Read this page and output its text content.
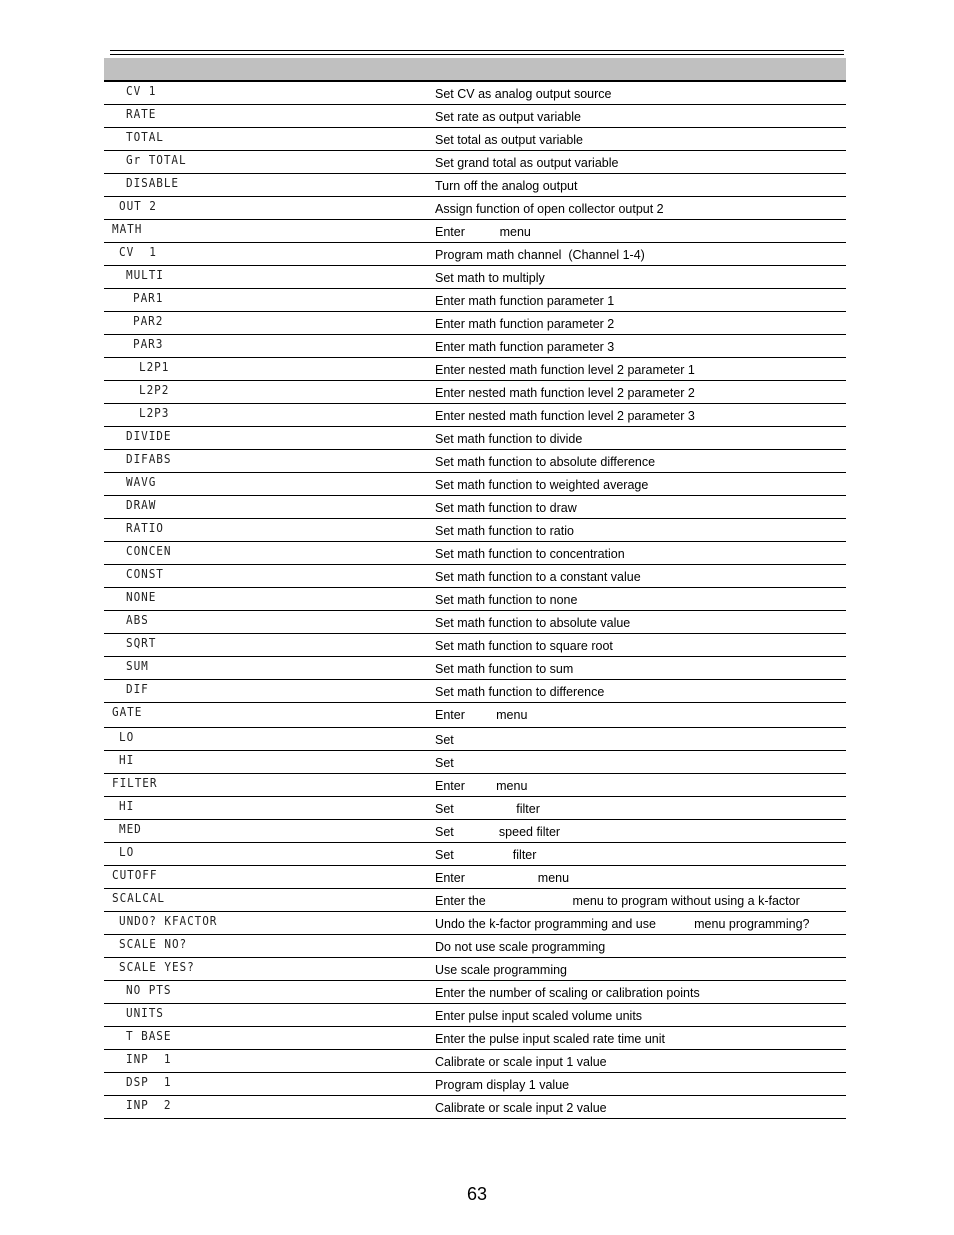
CV 1	Set CV as analog output source
RATE	Set rate as output variable
TOTAL	Set total as output variable
Gr TOTAL	Set grand total as output variable
DISABLE	Turn off the analog output
OUT 2	Assign function of open collector output 2
MATH	Enter          menu
CV  1	Program math channel  (Channel 1-4)
MULTI	Set math to multiply
PAR1	Enter math function parameter 1
PAR2	Enter math function parameter 2
PAR3	Enter math function parameter 3
L2P1	Enter nested math function level 2 parameter 1
L2P2	Enter nested math function level 2 parameter 2
L2P3	Enter nested math function level 2 parameter 3
DIVIDE	Set math function to divide
DIFABS	Set math function to absolute difference
WAVG	Set math function to weighted average
DRAW	Set math function to draw
RATIO	Set math function to ratio
CONCEN	Set math function to concentration
CONST	Set math function to a constant value
NONE	Set math function to none
ABS	Set math function to absolute value
SQRT	Set math function to square root
SUM	Set math function to sum
DIF	Set math function to difference
GATE	Enter         menu
LO	Set
HI	Set
FILTER	Enter         menu
HI	Set                  filter
MED	Set             speed filter
LO	Set                 filter
CUTOFF	Enter                     menu
SCALCAL	Enter the                         menu to program without using a k-factor
UNDO? KFACTOR	Undo the k-factor programming and use           menu programming?
SCALE NO?	Do not use scale programming
SCALE YES?	Use scale programming
NO PTS	Enter the number of scaling or calibration points
UNITS	Enter pulse input scaled volume units
T BASE	Enter the pulse input scaled rate time unit
INP  1	Calibrate or scale input 1 value
DSP  1	Program display 1 value
INP  2	Calibrate or scale input 2 value
63
